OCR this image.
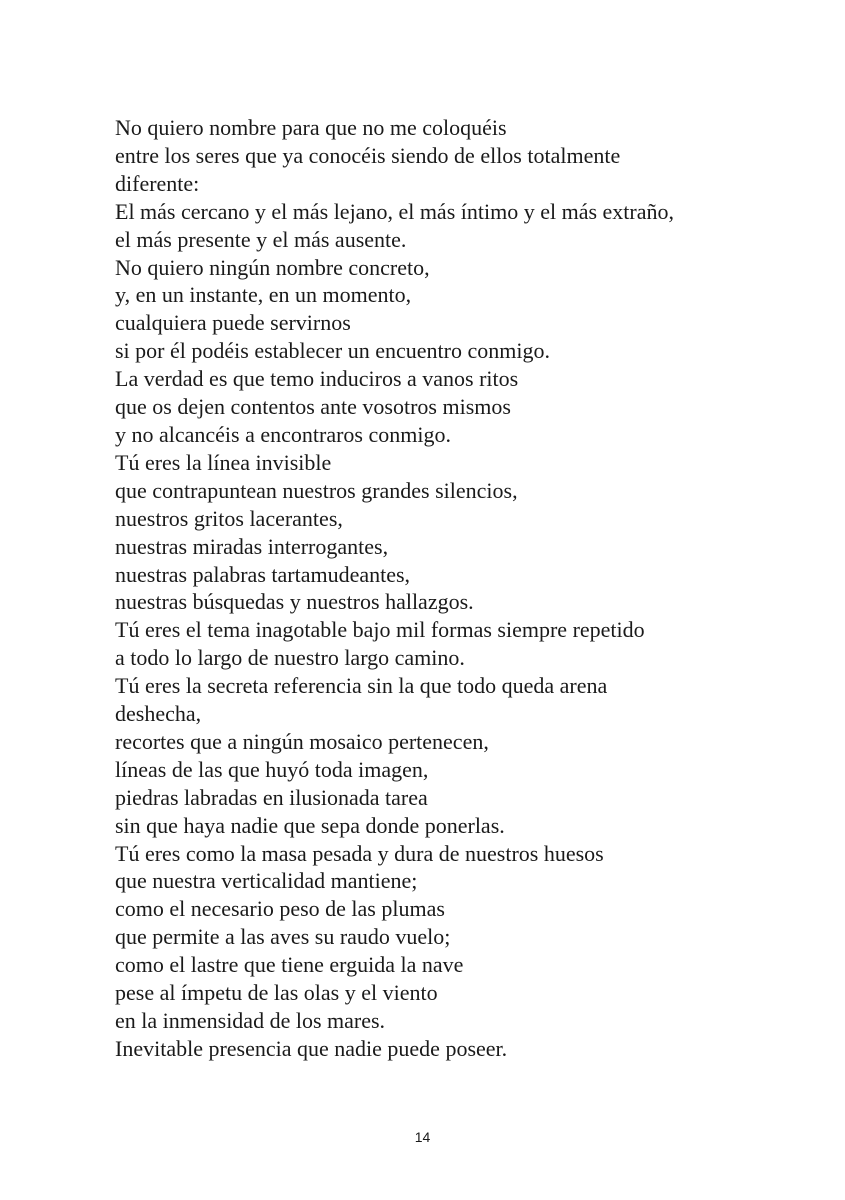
No quiero nombre para que no me coloquéis
entre los seres que ya conocéis siendo de ellos totalmente
diferente:
El más cercano y el más lejano, el más íntimo y el más extraño,
el más presente y el más ausente.
No quiero ningún nombre concreto,
y, en un instante, en un momento,
cualquiera puede servirnos
si por él podéis establecer un encuentro conmigo.
La verdad es que temo induciros a vanos ritos
que os dejen contentos ante vosotros mismos
y no alcancéis a encontraros conmigo.
Tú eres la línea invisible
que contrapuntean nuestros grandes silencios,
nuestros gritos lacerantes,
nuestras miradas interrogantes,
nuestras palabras tartamudeantes,
nuestras búsquedas y nuestros hallazgos.
Tú eres el tema inagotable bajo mil formas siempre repetido
a todo lo largo de nuestro largo camino.
Tú eres la secreta referencia sin la que todo queda arena
deshecha,
recortes que a ningún mosaico pertenecen,
líneas de las que huyó toda imagen,
piedras labradas en ilusionada tarea
sin que haya nadie que sepa donde ponerlas.
Tú eres como la masa pesada y dura de nuestros huesos
que nuestra verticalidad mantiene;
como el necesario peso de las plumas
que permite a las aves su raudo vuelo;
como el lastre que tiene erguida la nave
pese al ímpetu de las olas y el viento
en la inmensidad de los mares.
Inevitable presencia que nadie puede poseer.
14
